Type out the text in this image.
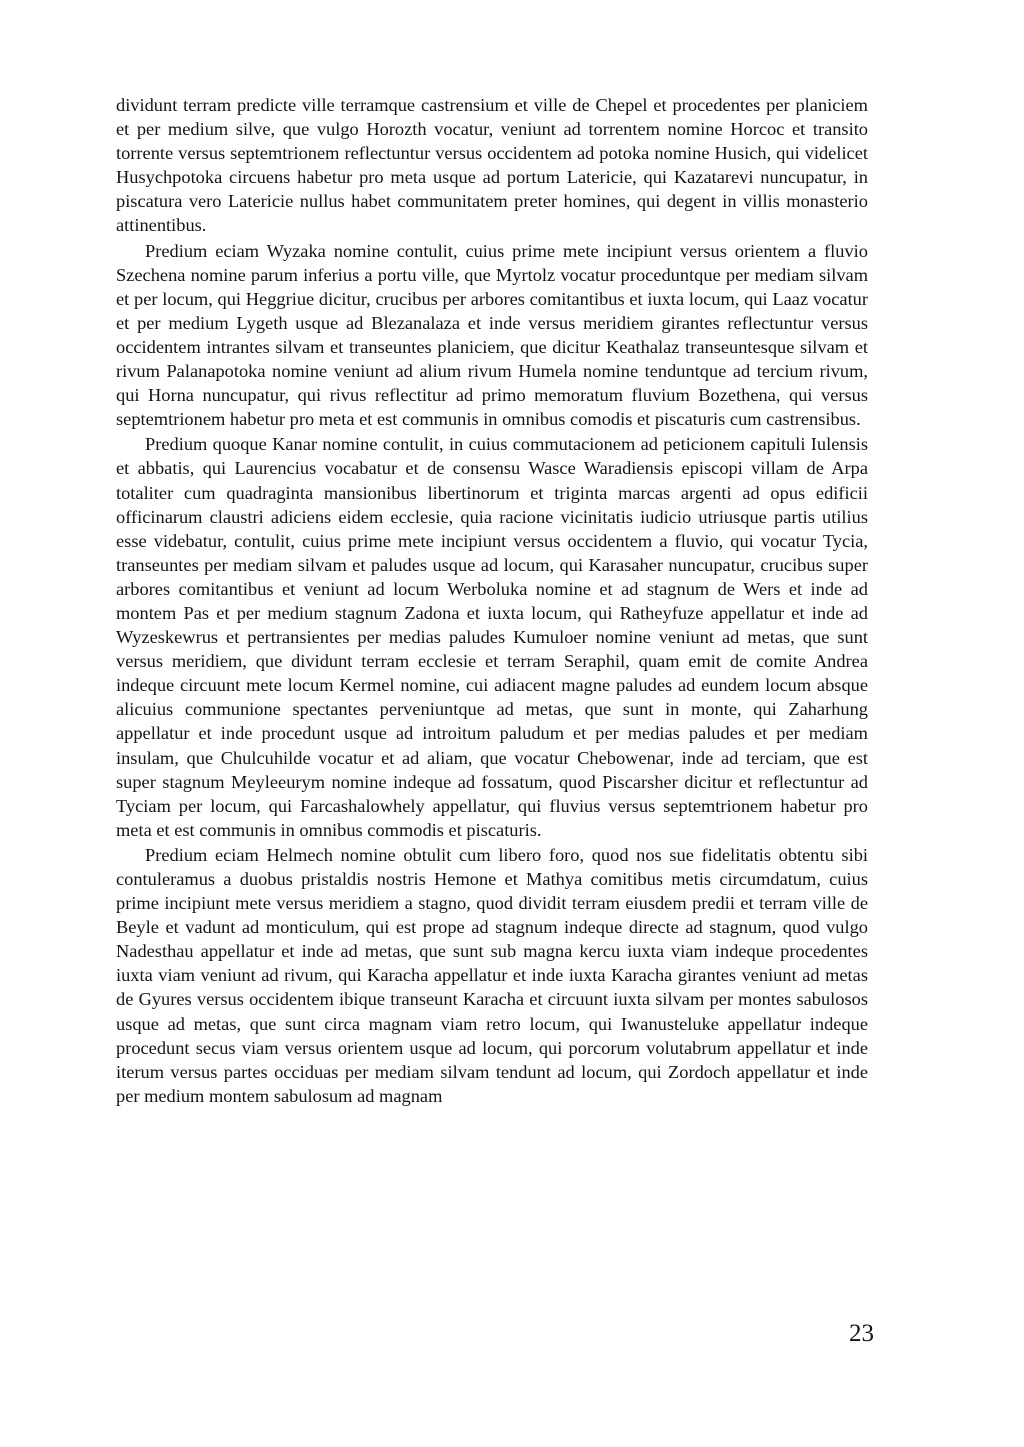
dividunt terram predicte ville terramque castrensium et ville de Chepel et procedentes per planiciem et per medium silve, que vulgo Horozth vocatur, veniunt ad torrentem nomine Horcoc et transito torrente versus septemtrionem reflectuntur versus occidentem ad potoka nomine Husich, qui videlicet Husychpotoka circuens habetur pro meta usque ad portum Latericie, qui Kazatarevi nuncupatur, in piscatura vero Latericie nullus habet communitatem preter homines, qui degent in villis monasterio attinentibus.

Predium eciam Wyzaka nomine contulit, cuius prime mete incipiunt versus orientem a fluvio Szechena nomine parum inferius a portu ville, que Myrtolz vocatur proceduntque per mediam silvam et per locum, qui Heggriue dicitur, crucibus per arbores comitantibus et iuxta locum, qui Laaz vocatur et per medium Lygeth usque ad Blezanalaza et inde versus meridiem girantes reflectuntur versus occidentem intrantes silvam et transeuntes planiciem, que dicitur Keathalaz transeuntesque silvam et rivum Palanapotoka nomine veniunt ad alium rivum Humela nomine tenduntque ad tercium rivum, qui Horna nuncupatur, qui rivus reflectitur ad primo memoratum fluvium Bozethena, qui versus septemtrionem habetur pro meta et est communis in omnibus comodis et piscaturis cum castrensibus.

Predium quoque Kanar nomine contulit, in cuius commutacionem ad peticionem capituli Iulensis et abbatis, qui Laurencius vocabatur et de consensu Wasce Waradiensis episcopi villam de Arpa totaliter cum quadraginta mansionibus libertinorum et triginta marcas argenti ad opus edificii officinarum claustri adiciens eidem ecclesie, quia racione vicinitatis iudicio utriusque partis utilius esse videbatur, contulit, cuius prime mete incipiunt versus occidentem a fluvio, qui vocatur Tycia, transeuntes per mediam silvam et paludes usque ad locum, qui Karasaher nuncupatur, crucibus super arbores comitantibus et veniunt ad locum Werboluka nomine et ad stagnum de Wers et inde ad montem Pas et per medium stagnum Zadona et iuxta locum, qui Ratheyfuze appellatur et inde ad Wyzeskewrus et pertransientes per medias paludes Kumuloer nomine veniunt ad metas, que sunt versus meridiem, que dividunt terram ecclesie et terram Seraphil, quam emit de comite Andrea indeque circuunt mete locum Kermel nomine, cui adiacent magne paludes ad eundem locum absque alicuius communione spectantes perveniuntque ad metas, que sunt in monte, qui Zaharhung appellatur et inde procedunt usque ad introitum paludum et per medias paludes et per mediam insulam, que Chulcuhilde vocatur et ad aliam, que vocatur Chebowenar, inde ad terciam, que est super stagnum Meyleeurym nomine indeque ad fossatum, quod Piscarsher dicitur et reflectuntur ad Tyciam per locum, qui Farcashalowhely appellatur, qui fluvius versus septemtrionem habetur pro meta et est communis in omnibus commodis et piscaturis.

Predium eciam Helmech nomine obtulit cum libero foro, quod nos sue fidelitatis obtentu sibi contuleramus a duobus pristaldis nostris Hemone et Mathya comitibus metis circumdatum, cuius prime incipiunt mete versus meridiem a stagno, quod dividit terram eiusdem predii et terram ville de Beyle et vadunt ad monticulum, qui est prope ad stagnum indeque directe ad stagnum, quod vulgo Nadesthau appellatur et inde ad metas, que sunt sub magna kercu iuxta viam indeque procedentes iuxta viam veniunt ad rivum, qui Karacha appellatur et inde iuxta Karacha girantes veniunt ad metas de Gyures versus occidentem ibique transeunt Karacha et circuunt iuxta silvam per montes sabulosos usque ad metas, que sunt circa magnam viam retro locum, qui Iwanusteluke appellatur indeque procedunt secus viam versus orientem usque ad locum, qui porcorum volutabrum appellatur et inde iterum versus partes occiduas per mediam silvam tendunt ad locum, qui Zordoch appellatur et inde per medium montem sabulosum ad magnam

23
